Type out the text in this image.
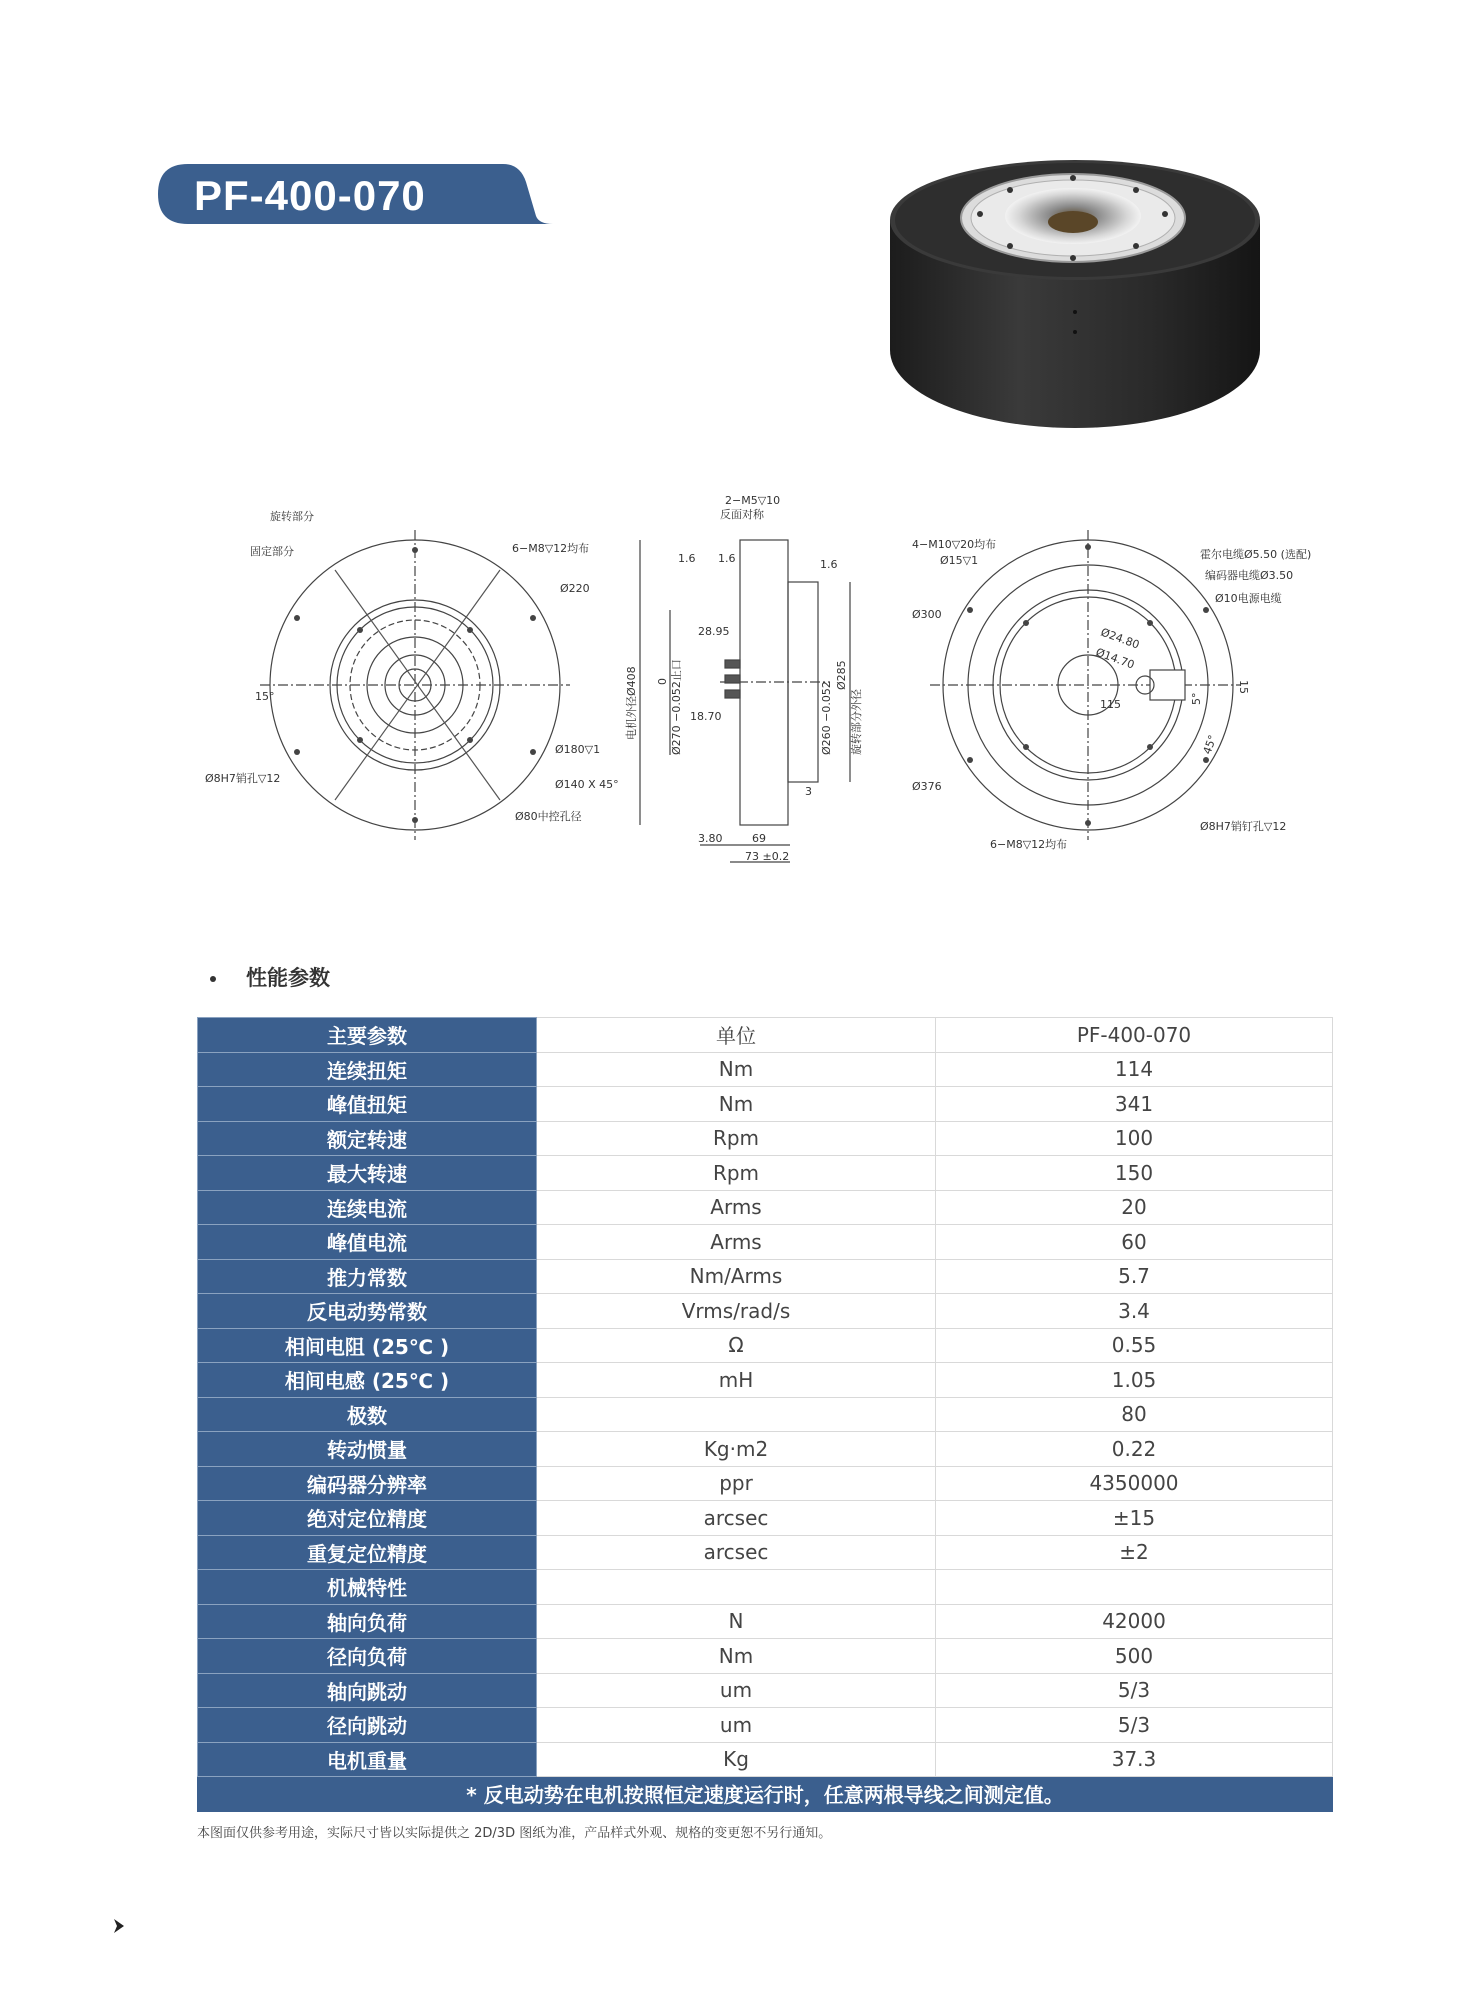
PF-400-070
旋转部分
固定部分	6−M8▽12均布
Ø220
15°
Ø8H7销孔▽12
Ø180▽1
Ø140 X 45°
Ø80中控孔径
2−M5▽10
反面对称
1.6 1.6	1.6
28.95
18.70
电机外径Ø408 0 Ø270 −0.052止口	Ø260 −0.052
Ø285
旋转部分外径
3
3.80	69
73 ±0.2
4−M10▽20均布
Ø15▽1
Ø300
霍尔电缆Ø5.50 (选配)
编码器电缆Ø3.50
Ø10电源电缆
Ø24.80
Ø14.70
115
15
5°
45°
Ø376
6−M8▽12均布
Ø8H7销钉孔▽12
性能参数
主要参数	单位	PF-400-070
连续扭矩	Nm	114
峰值扭矩	Nm	341
额定转速	Rpm	100
最大转速	Rpm	150
连续电流	Arms	20
峰值电流	Arms	60
推力常数	Nm/Arms	5.7
反电动势常数	Vrms/rad/s	3.4
相间电阻 (25℃ )	Ω	0.55
相间电感 (25℃ )	mH	1.05
极数		80
转动惯量	Kg·m2	0.22
编码器分辨率	ppr	4350000
绝对定位精度	arcsec	±15
重复定位精度	arcsec	±2
机械特性		
轴向负荷	N	42000
径向负荷	Nm	500
轴向跳动	um	5/3
径向跳动	um	5/3
电机重量	Kg	37.3
* 反电动势在电机按照恒定速度运行时，任意两根导线之间测定值。		
本图面仅供参考用途，实际尺寸皆以实际提供之 2D/3D 图纸为准，产品样式外观、规格的变更恕不另行通知。
